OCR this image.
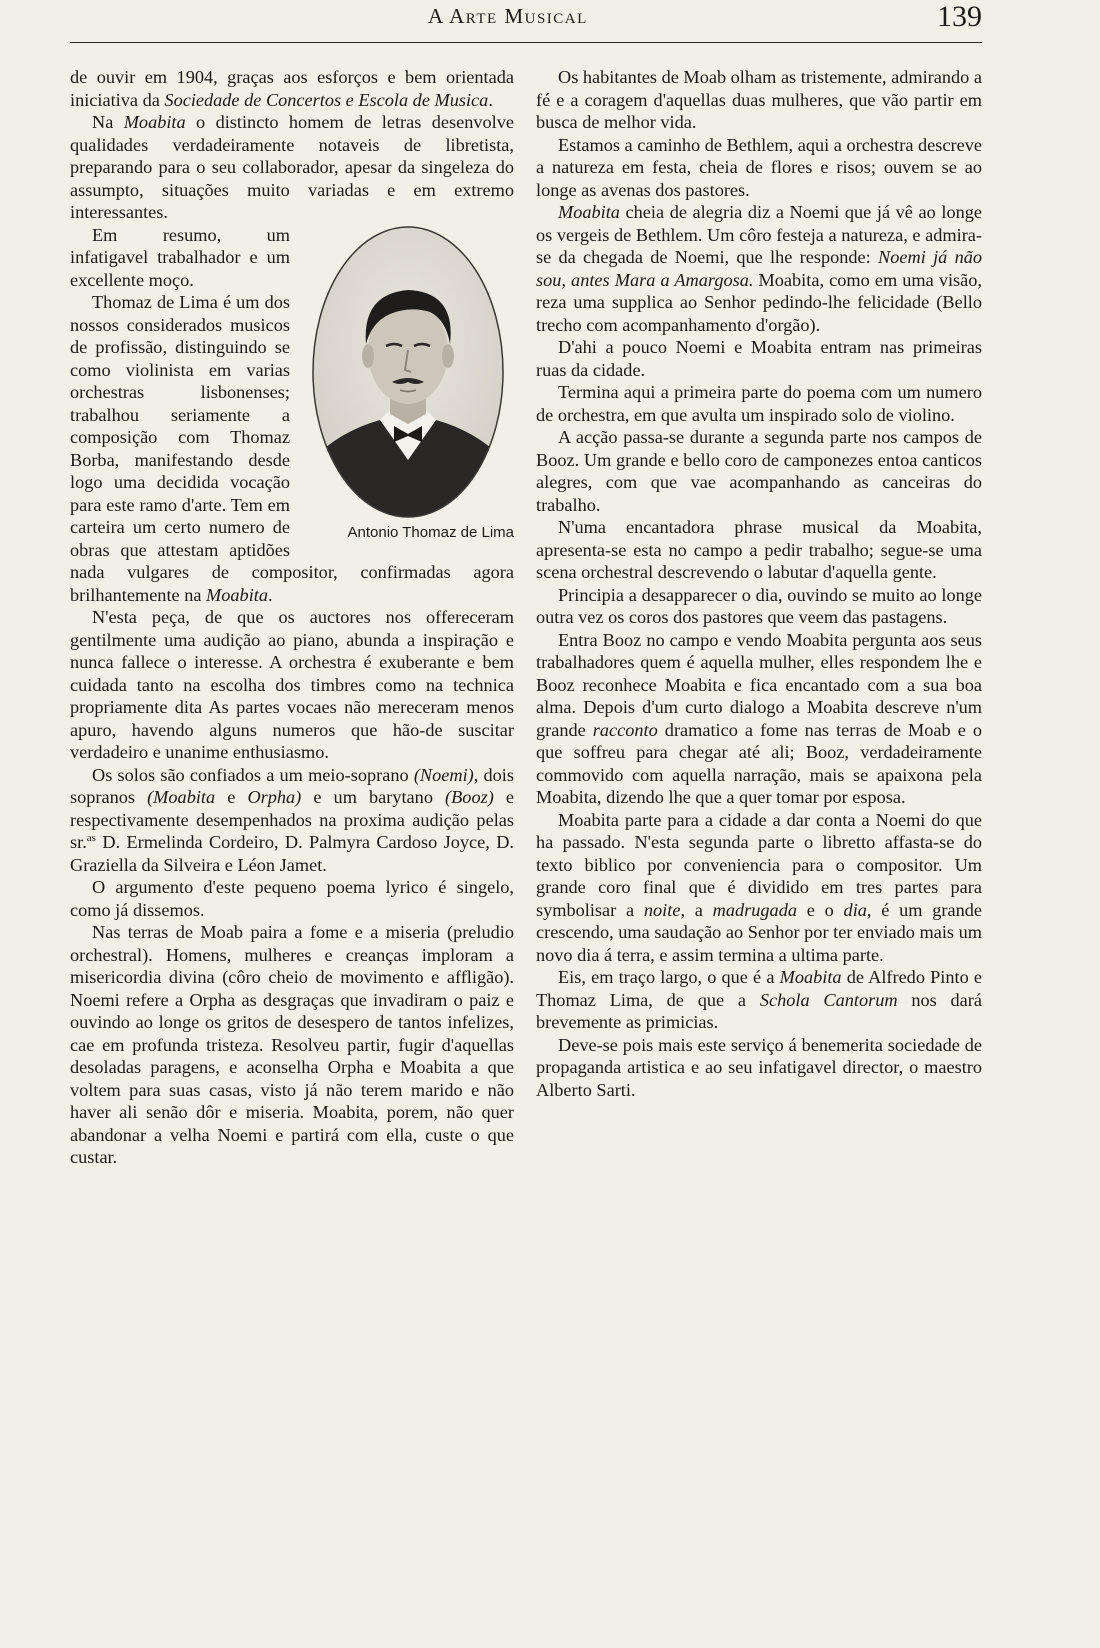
A Arte Musical	139

de ouvir em 1904, graças aos esforços e bem orientada iniciativa da Sociedade de Concertos e Escola de Musica.

Na Moabita o distincto homem de letras desenvolve qualidades verdadeiramente notaveis de libretista, preparando para o seu collaborador, apesar da singeleza do assumpto, situações muito variadas e em extremo interessantes.

Antonio Thomaz de Lima

Em resumo, um infatigavel trabalhador e um excellente moço.

Thomaz de Lima é um dos nossos considerados musicos de profissão, distinguindo se como violinista em varias orchestras lisbonenses; trabalhou seriamente a composição com Thomaz Borba, manifestando desde logo uma decidida vocação para este ramo d'arte. Tem em carteira um certo numero de obras que attestam aptidões nada vulgares de compositor, confirmadas agora brilhantemente na Moabita.

N'esta peça, de que os auctores nos offereceram gentilmente uma audição ao piano, abunda a inspiração e nunca fallece o interesse. A orchestra é exuberante e bem cuidada tanto na escolha dos timbres como na technica propriamente dita As partes vocaes não mereceram menos apuro, havendo alguns numeros que hão-de suscitar verdadeiro e unanime enthusiasmo.

Os solos são confiados a um meio-soprano (Noemi), dois sopranos (Moabita e Orpha) e um barytano (Booz) e respectivamente desempenhados na proxima audição pelas sr.$^{as}$ D. Ermelinda Cordeiro, D. Palmyra Cardoso Joyce, D. Graziella da Silveira e Léon Jamet.

O argumento d'este pequeno poema lyrico é singelo, como já dissemos.

Nas terras de Moab paira a fome e a miseria (preludio orchestral). Homens, mulheres e creanças imploram a misericordia divina (côro cheio de movimento e affligão). Noemi refere a Orpha as desgraças que invadiram o paiz e ouvindo ao longe os gritos de desespero de tantos infelizes, cae em profunda tristeza. Resolveu partir, fugir d'aquellas desoladas paragens, e aconselha Orpha e Moabita a que voltem para suas casas, visto já não terem marido e não haver ali senão dôr e miseria. Moabita, porem, não quer abandonar a velha Noemi e partirá com ella, custe o que custar.

Os habitantes de Moab olham as tristemente, admirando a fé e a coragem d'aquellas duas mulheres, que vão partir em busca de melhor vida.

Estamos a caminho de Bethlem, aqui a orchestra descreve a natureza em festa, cheia de flores e risos; ouvem se ao longe as avenas dos pastores.

Moabita cheia de alegria diz a Noemi que já vê ao longe os vergeis de Bethlem. Um côro festeja a natureza, e admira-se da chegada de Noemi, que lhe responde: Noemi já não sou, antes Mara a Amargosa. Moabita, como em uma visão, reza uma supplica ao Senhor pedindo-lhe felicidade (Bello trecho com acompanhamento d'orgão).

D'ahi a pouco Noemi e Moabita entram nas primeiras ruas da cidade.

Termina aqui a primeira parte do poema com um numero de orchestra, em que avulta um inspirado solo de violino.

A acção passa-se durante a segunda parte nos campos de Booz. Um grande e bello coro de camponezes entoa canticos alegres, com que vae acompanhando as canceiras do trabalho.

N'uma encantadora phrase musical da Moabita, apresenta-se esta no campo a pedir trabalho; segue-se uma scena orchestral descrevendo o labutar d'aquella gente.

Principia a desapparecer o dia, ouvindo se muito ao longe outra vez os coros dos pastores que veem das pastagens.

Entra Booz no campo e vendo Moabita pergunta aos seus trabalhadores quem é aquella mulher, elles respondem lhe e Booz reconhece Moabita e fica encantado com a sua boa alma. Depois d'um curto dialogo a Moabita descreve n'um grande racconto dramatico a fome nas terras de Moab e o que soffreu para chegar até ali; Booz, verdadeiramente commovido com aquella narração, mais se apaixona pela Moabita, dizendo lhe que a quer tomar por esposa.

Moabita parte para a cidade a dar conta a Noemi do que ha passado. N'esta segunda parte o libretto affasta-se do texto biblico por conveniencia para o compositor. Um grande coro final que é dividido em tres partes para symbolisar a noite, a madrugada e o dia, é um grande crescendo, uma saudação ao Senhor por ter enviado mais um novo dia á terra, e assim termina a ultima parte.

Eis, em traço largo, o que é a Moabita de Alfredo Pinto e Thomaz Lima, de que a Schola Cantorum nos dará brevemente as primicias.

Deve-se pois mais este serviço á benemerita sociedade de propaganda artistica e ao seu infatigavel director, o maestro Alberto Sarti.
